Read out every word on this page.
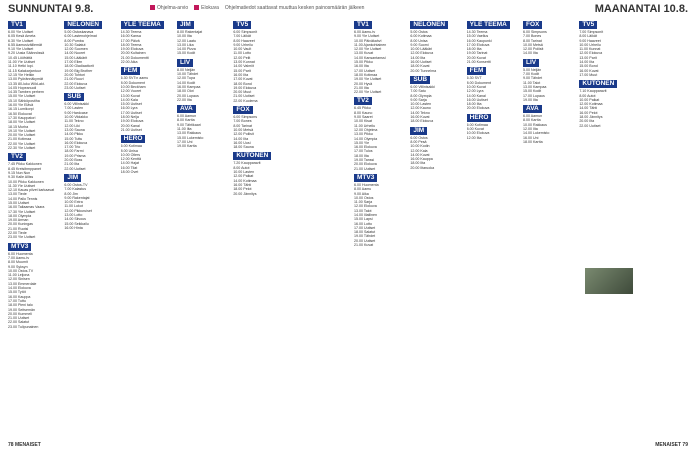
SUNNUNTAI 9.8.	Ohjelma-arvio	Elokuva Ohjelmatiedot saattavat muuttua kesken painosmäärän jälkeen	MAANANTAI 10.8.
TV1
6.00 Yle Uutiset
6.05 Kesä Ameta
6.30 Yle Uutiset
6.55 Aamusiväillemät
9.10 Yle Uutiset
9.20 Uusia Säännössä
10.45 Lööfrättä
11.00 Yle Uutiset
11.10 Hetki lopi.
11.15 Kalakarjantuur
12.15 Yle Hetkin
13.00 Pyörännäkymät
13.35 80-luku Wild-akt.
14.05 Hopeanuoli
14.35 Tamben perhem
15.00 Yle Uutiset
15.10 Sähköpostiha
16.00 Yle Elävä
16.15 Lumikorpi
16.50 Elokuvat
17.30 Kauppatori
18.00 Yle Uutiset
18.15 Murha
19.10 Yle Uutiset
20.00 Yle Uutiset
21.00 Kotimaa
22.00 Yle Uutiset
22.30 Yle Uutiset
TV2
7.45 Pikku Kakkonen
8.45 Kreisibmppanet
9.15 Nun Nun
9.30 Kalle Alliss
10.00 Pikku Kakkonen
11.30 Yle Uutiset
12.10 Kauas pilvet karkaavat
13.00 Tiede
14.00 Pallo Tennis
15.00 Uutiset
16.00 Tallaamas Vaara
17.30 Yle Uutiset
18.00 Olympia
19.00 Arman
20.00 Kuningas
21.00 Ruotsi
22.00 Tiede
23.00 Yle Uutiset
MTV3
6.00 Huomenta
7.00 Aamu-tv
8.00 Muumit
9.00 Syksyn
10.00 Ostos-TV
11.00 Leijona
12.00 Sinisen
13.00 Emmerdale
14.00 Elokuva
15.00 Tytöt
16.00 Kauppa
17.00 Tuttu
18.00 Pieni talo
19.00 Seitsemän
20.00 Kummeli
21.00 Uutiset
22.00 Salatut
23.00 Tulipunainen
NELONEN
5.00 Ostoskanava
6.00 Lastenohjelmat
8.00 Pumba
10.30 Salatut
12.00 Suomen
14.00 Nuoret
15.00 Lääkärit
17.00 Ellen
18.00 Gladiaattorit
19.00 Big Brother
20.00 Tohtori
21.00 Ruuvi
22.00 Elokuva
23.00 Uutiset
SUB
6.00 Villinisakki
7.00 Lasten
9.00 Hardcase
10.00 Viidakko
11.00 Tekno
12.00 Liki
13.00 Sauna
14.00 Pikku
15.00 Tuttu
16.00 Elokuva
17.00 Trio
18.00 Farmi
19.00 Prisma
20.00 Boss
21.00 Ilta
22.00 Uutiset
JIM
6.00 Ostos-TV
7.00 Kalastus
8.00 Jim
9.00 Rakentajat
10.00 Extra
11.00 Lukot
12.00 Pikkuruiset
13.00 Lotto
14.00 Siivous
15.00 Seikkailu
16.00 Hinta
YLE TEEMA
14.30 Teema
16.00 Kansa
17.00 Päivä
18.00 Teema
19.00 Elokuva
20.00 Kultainen
21.00 Dokumentti
22.00 Aika
FEM
6.30 SVT:n aamu
8.00 Dokument
10.00 Beckham
12.00 Vuoret
13.00 Kuvat
14.00 Kala
15.00 Uutiset
16.00 Lyra
17.00 Uutiset
18.00 Nelja
19.00 Elokuva
20.00 Kanal
21.00 Uutiset
HERO
6.00 Kotimaa
8.00 Unisa
10.00 Oilers
12.00 Kenttä
14.00 Hajat
16.00 Tilat
18.00 Ovet
JIM
8.00 Rakentajat
10.00 Ilta
12.00 Laatu
13.00 Lika
14.00 Pizza
15.00 Kodit
LIV
8.00 Neljän
10.00 Tähdet
12.00 Tupa
14.00 Kodit
16.00 Kampaa
18.00 Olot
20.00 Lupaus
22.00 Ilta
AVA
6.00 Aamun
8.00 Kartta
9.00 Tähtikaari
11.00 Ilta
13.00 Rakkaus
15.00 Lukemisto
17.00 Uni
19.00 Kartta
TV5
6.00 Simpsonit
7.00 Läikät
8.00 Haaveet
9.00 Urheilu
10.00 Vault
11.00 Lotto
12.00 Pelit
13.00 Kunnat
14.00 Valmiit
15.00 Parit
16.00 Ilta
17.00 Kuvat
18.00 Bond
19.00 Elokuva
20.00 Muut
21.00 Uutiset
22.00 Kuolema
FOX
6.00 Simpsons
7.00 Bones
8.00 Tarinat
10.00 Metsä
12.00 Poliisit
14.00 Ilta
16.00 Uusi
18.00 Sauna
KUTONEN
7.20 Kaupparavit
8.00 Autot
10.00 Lasten
12.00 Paikat
14.00 Kotimaa
16.00 Tähti
18.00 Pelot
20.00 Jännitys
TV1
6.00 Aamu-tv
9.00 Yle Uutiset
10.00 Päiväkahvi
11.00 Ajankohtainen
12.00 Yle Uutiset
13.00 Kuvat
14.00 Kansantanssi
15.00 Pikku
16.00 Ilta
17.00 Uutiset
18.00 Kotimaa
19.00 Yle Uutiset
20.00 Hyvä
21.00 Ilta
22.00 Yle Uutiset
TV2
6.45 Pikku
8.00 Kauno
9.00 Saaret
10.00 Kisat
11.00 Urheilu
12.00 Ohjelma
13.00 Pikku
14.00 Olympia
15.00 Yle
16.00 Elokuva
17.00 Tulos
18.00 Ilta
19.00 Tanssi
20.00 Elokuva
21.00 Uutiset
MTV3
6.00 Huomenta
8.00 Aamu
9.00 Aika
10.00 Ostos
11.00 Sarja
12.00 Elokuva
13.00 Talot
14.00 Illallinen
15.00 Lapsi
16.00 Lotto
17.00 Uutiset
18.00 Salatut
19.00 Tähdet
20.00 Uutiset
21.00 Kuvat
NELONEN
5.00 Ostos
6.00 Kotimaa
8.00 Unisa
9.00 Suomi
10.00 Lääkäri
12.00 Elokuva
14.00 Ilta
16.00 Uutiset
18.00 Kuvat
20.00 Tunnelma
SUB
6.00 Villinisakki
7.00 Satu
8.00 Olympia
9.00 Sarja
10.00 Lasten
12.00 Kauno
14.00 Tekno
16.00 Kuvat
18.00 Elokuva
JIM
6.00 Ostos
8.00 Pesä
10.00 Kodin
12.00 Kala
14.00 Kuvat
16.00 Kauppa
18.00 Ilta
20.00 Iltaruoka
YLE TEEMA
14.30 Teema
15.00 Vaellus
16.00 Kaupunki
17.00 Elokuva
18.00 Ilta
19.00 Tarinat
20.00 Kuvat
21.00 Konsertti
FEM
6.30 SVT
8.00 Dokument
10.00 Kuvat
12.00 Lyra
14.00 Kanal
16.00 Uutiset
18.00 Ilta
20.00 Elokuva
HERO
6.00 Kotimaa
8.00 Kuvat
10.00 Elokuva
12.00 Ilta
FOX
6.00 Simpsons
7.00 Bones
8.00 Tarinat
10.00 Metsä
12.00 Poliisit
14.00 Ilta
LIV
5.00 Neljän
7.00 Kodit
9.00 Tähdet
11.00 Talot
13.00 Kampaa
15.00 Kodit
17.00 Lupaus
19.00 Ilta
AVA
6.00 Aamun
8.00 Kartta
10.00 Rakkaus
12.00 Ilta
14.00 Lukemisto
16.00 Uni
18.00 Kartta
TV5
7.00 Simpsonit
8.00 Läikät
9.00 Haaveet
10.00 Urheilu
11.00 Kunnat
12.00 Elokuva
13.00 Parit
14.00 Ilta
15.00 Bond
16.00 Kuvat
17.00 Muut
KUTONEN
7.10 Kaupparavit
8.00 Autot
10.00 Paikat
12.00 Kotimaa
14.00 Tähti
16.00 Pelot
18.00 Jännitys
20.00 Ilta
22.00 Uutiset
78 MENAISET	MENAISET 79
